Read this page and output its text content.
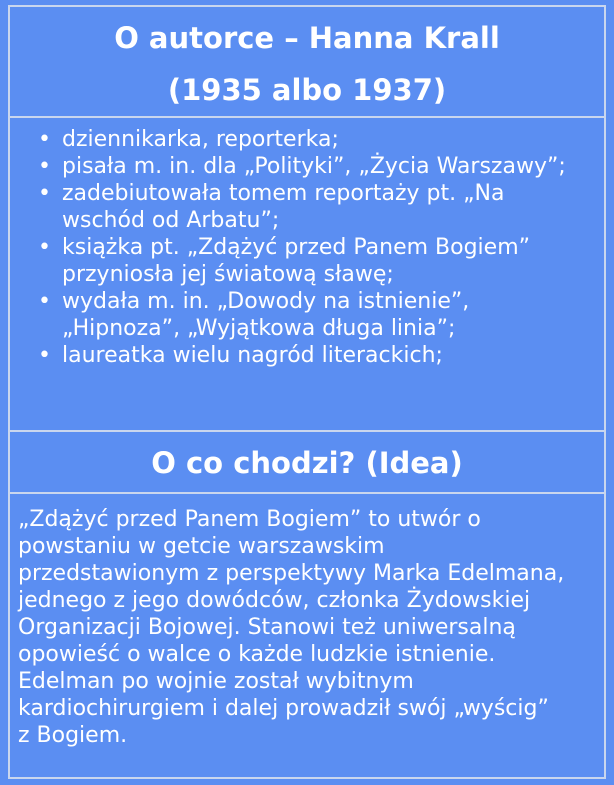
O autorce – Hanna Krall
(1935 albo 1937)
• dziennikarka, reporterka;
• pisała m. in. dla „Polityki”, „Życia Warszawy”;
• zadebiutowała tomem reportaży pt. „Na wschód od Arbatu”;
• książka pt. „Zdążyć przed Panem Bogiem” przyniosła jej światową sławę;
• wydała m. in. „Dowody na istnienie”, „Hipnoza”, „Wyjątkowa długa linia”;
• laureatka wielu nagród literackich;
O co chodzi? (Idea)
„Zdążyć przed Panem Bogiem” to utwór o
powstaniu w getcie warszawskim
przedstawionym z perspektywy Marka Edelmana,
jednego z jego dowódców, członka Żydowskiej
Organizacji Bojowej. Stanowi też uniwersalną
opowieść o walce o każde ludzkie istnienie.
Edelman po wojnie został wybitnym
kardiochirurgiem i dalej prowadził swój „wyścig”
z Bogiem.
